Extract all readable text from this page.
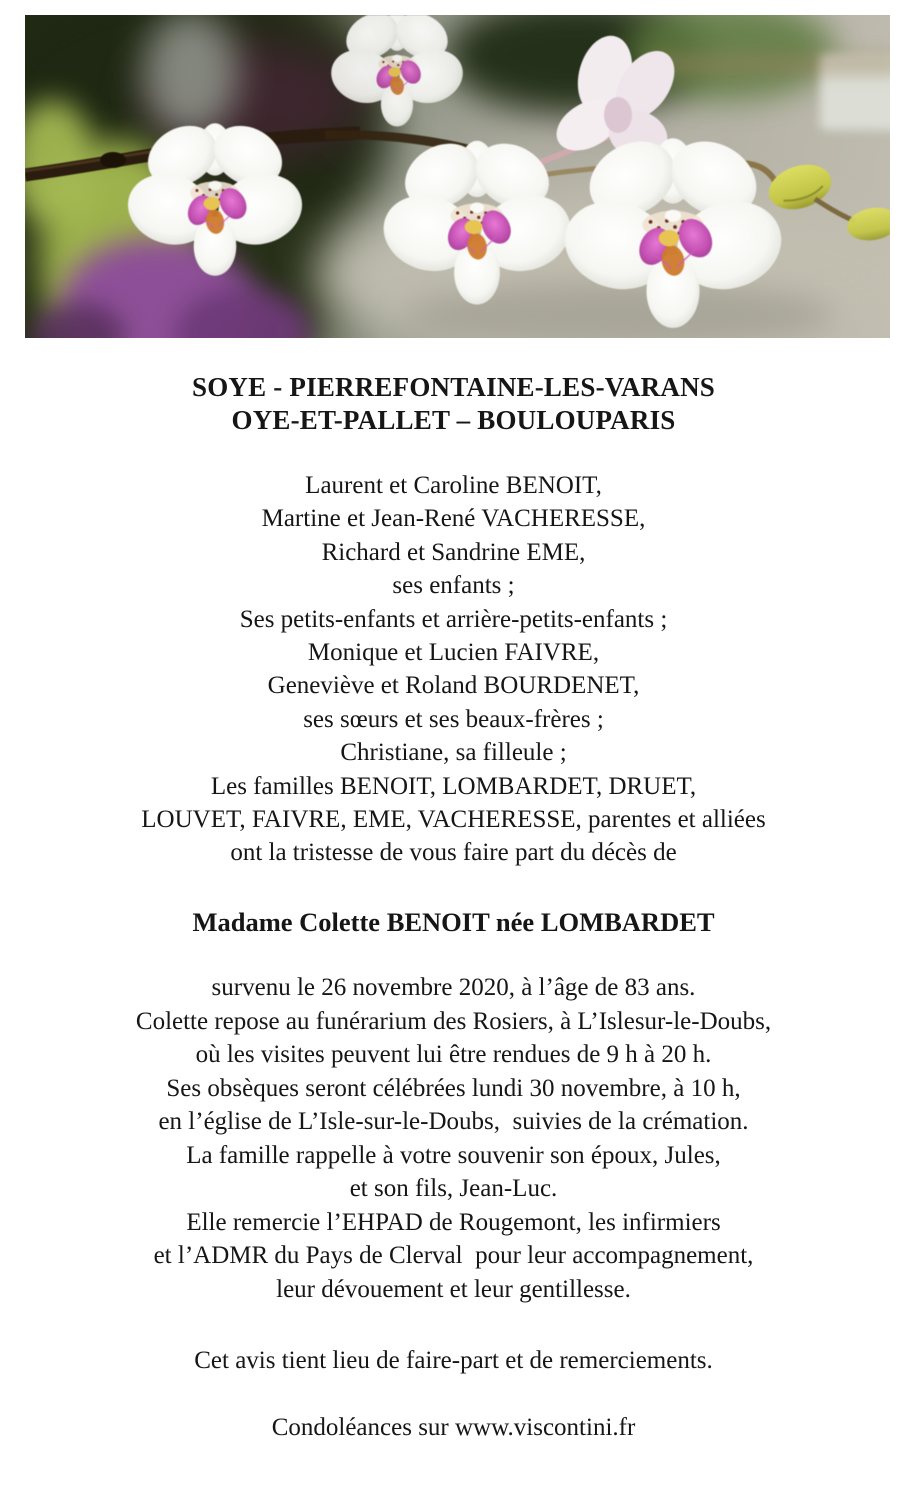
SOYE - PIERREFONTAINE-LES-VARANS
OYE-ET-PALLET – BOULOUPARIS
Laurent et Caroline BENOIT,
Martine et Jean-René VACHERESSE,
Richard et Sandrine EME,
ses enfants ;
Ses petits-enfants et arrière-petits-enfants ;
Monique et Lucien FAIVRE,
Geneviève et Roland BOURDENET,
ses sœurs et ses beaux-frères ;
Christiane, sa filleule ;
Les familles BENOIT, LOMBARDET, DRUET,
LOUVET, FAIVRE, EME, VACHERESSE, parentes et alliées
ont la tristesse de vous faire part du décès de
Madame Colette BENOIT née LOMBARDET
survenu le 26 novembre 2020, à l’âge de 83 ans.
Colette repose au funérarium des Rosiers, à L’Islesur-le-Doubs,
où les visites peuvent lui être rendues de 9 h à 20 h.
Ses obsèques seront célébrées lundi 30 novembre, à 10 h,
en l’église de L’Isle-sur-le-Doubs,  suivies de la crémation.
La famille rappelle à votre souvenir son époux, Jules,
et son fils, Jean-Luc.
Elle remercie l’EHPAD de Rougemont, les infirmiers
et l’ADMR du Pays de Clerval  pour leur accompagnement,
leur dévouement et leur gentillesse.
Cet avis tient lieu de faire-part et de remerciements.
Condoléances sur www.viscontini.fr
